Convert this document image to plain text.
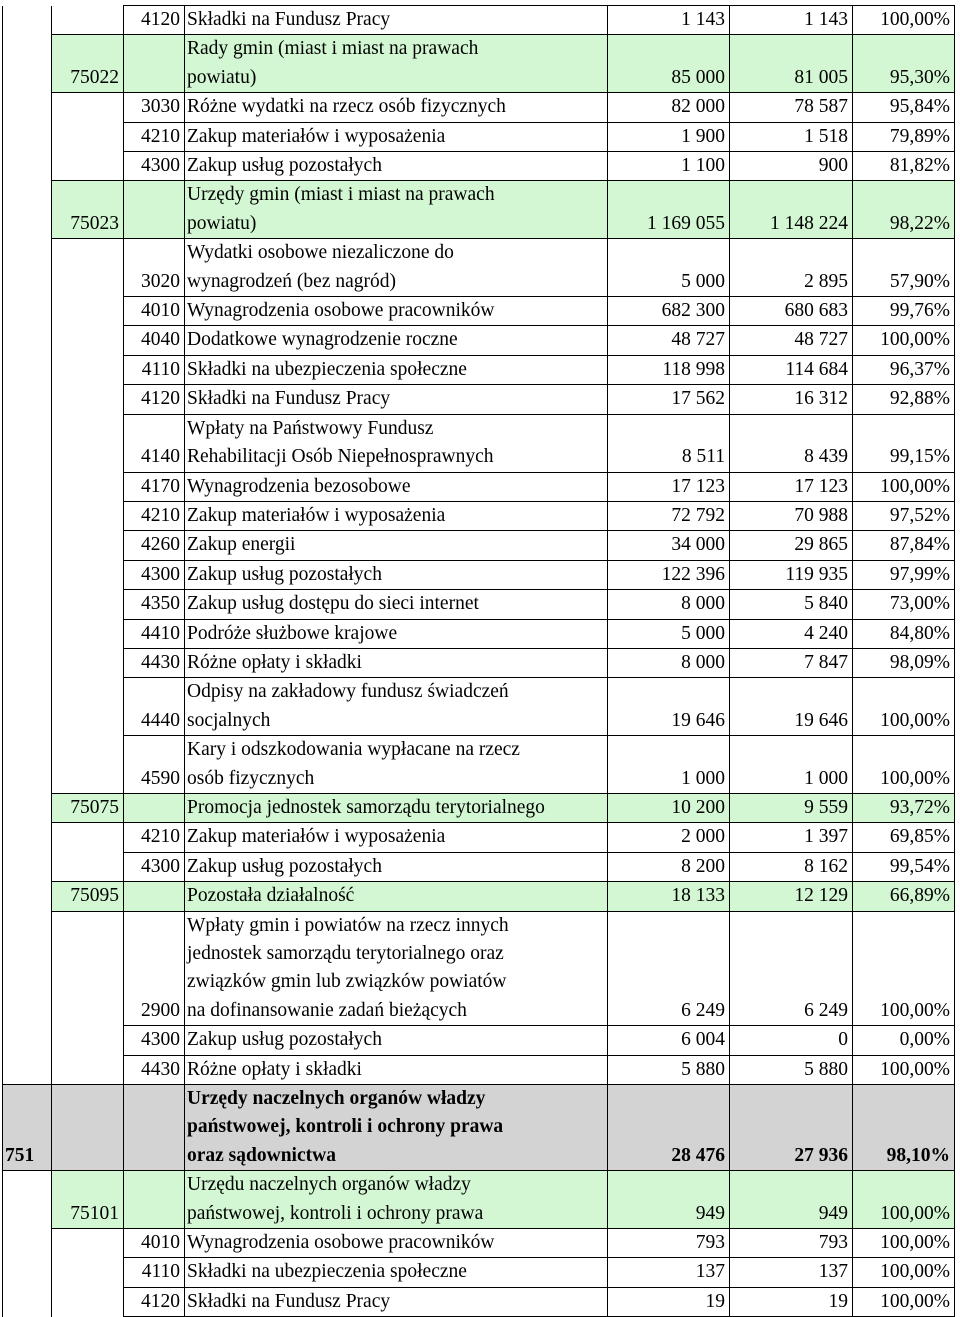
		4120	Składki na Fundusz Pracy	1 143	1 143	100,00%
	75022		Rady gmin (miast i miast na prawach
powiatu)	85 000	81 005	95,30%
		3030	Różne wydatki na rzecz osób fizycznych	82 000	78 587	95,84%
		4210	Zakup materiałów i wyposażenia	1 900	1 518	79,89%
		4300	Zakup usług pozostałych	1 100	900	81,82%
	75023		Urzędy gmin (miast i miast na prawach
powiatu)	1 169 055	1 148 224	98,22%
		3020	Wydatki osobowe niezaliczone do
wynagrodzeń (bez nagród)	5 000	2 895	57,90%
		4010	Wynagrodzenia osobowe pracowników	682 300	680 683	99,76%
		4040	Dodatkowe wynagrodzenie roczne	48 727	48 727	100,00%
		4110	Składki na ubezpieczenia społeczne	118 998	114 684	96,37%
		4120	Składki na Fundusz Pracy	17 562	16 312	92,88%
		4140	Wpłaty na Państwowy Fundusz
Rehabilitacji Osób Niepełnosprawnych	8 511	8 439	99,15%
		4170	Wynagrodzenia bezosobowe	17 123	17 123	100,00%
		4210	Zakup materiałów i wyposażenia	72 792	70 988	97,52%
		4260	Zakup energii	34 000	29 865	87,84%
		4300	Zakup usług pozostałych	122 396	119 935	97,99%
		4350	Zakup usług dostępu do sieci internet	8 000	5 840	73,00%
		4410	Podróże służbowe krajowe	5 000	4 240	84,80%
		4430	Różne opłaty i składki	8 000	7 847	98,09%
		4440	Odpisy na zakładowy fundusz świadczeń
socjalnych	19 646	19 646	100,00%
		4590	Kary i odszkodowania wypłacane na rzecz
osób fizycznych	1 000	1 000	100,00%
	75075		Promocja jednostek samorządu terytorialnego	10 200	9 559	93,72%
		4210	Zakup materiałów i wyposażenia	2 000	1 397	69,85%
		4300	Zakup usług pozostałych	8 200	8 162	99,54%
	75095		Pozostała działalność	18 133	12 129	66,89%
		2900	Wpłaty gmin i powiatów na rzecz innych
jednostek samorządu terytorialnego oraz
związków gmin lub związków powiatów
na dofinansowanie zadań bieżących	6 249	6 249	100,00%
		4300	Zakup usług pozostałych	6 004	0	0,00%
		4430	Różne opłaty i składki	5 880	5 880	100,00%
751			Urzędy naczelnych organów władzy
państwowej, kontroli i ochrony prawa
oraz sądownictwa	28 476	27 936	98,10%
	75101		Urzędu naczelnych organów władzy
państwowej, kontroli i ochrony prawa	949	949	100,00%
		4010	Wynagrodzenia osobowe pracowników	793	793	100,00%
		4110	Składki na ubezpieczenia społeczne	137	137	100,00%
		4120	Składki na Fundusz Pracy	19	19	100,00%
